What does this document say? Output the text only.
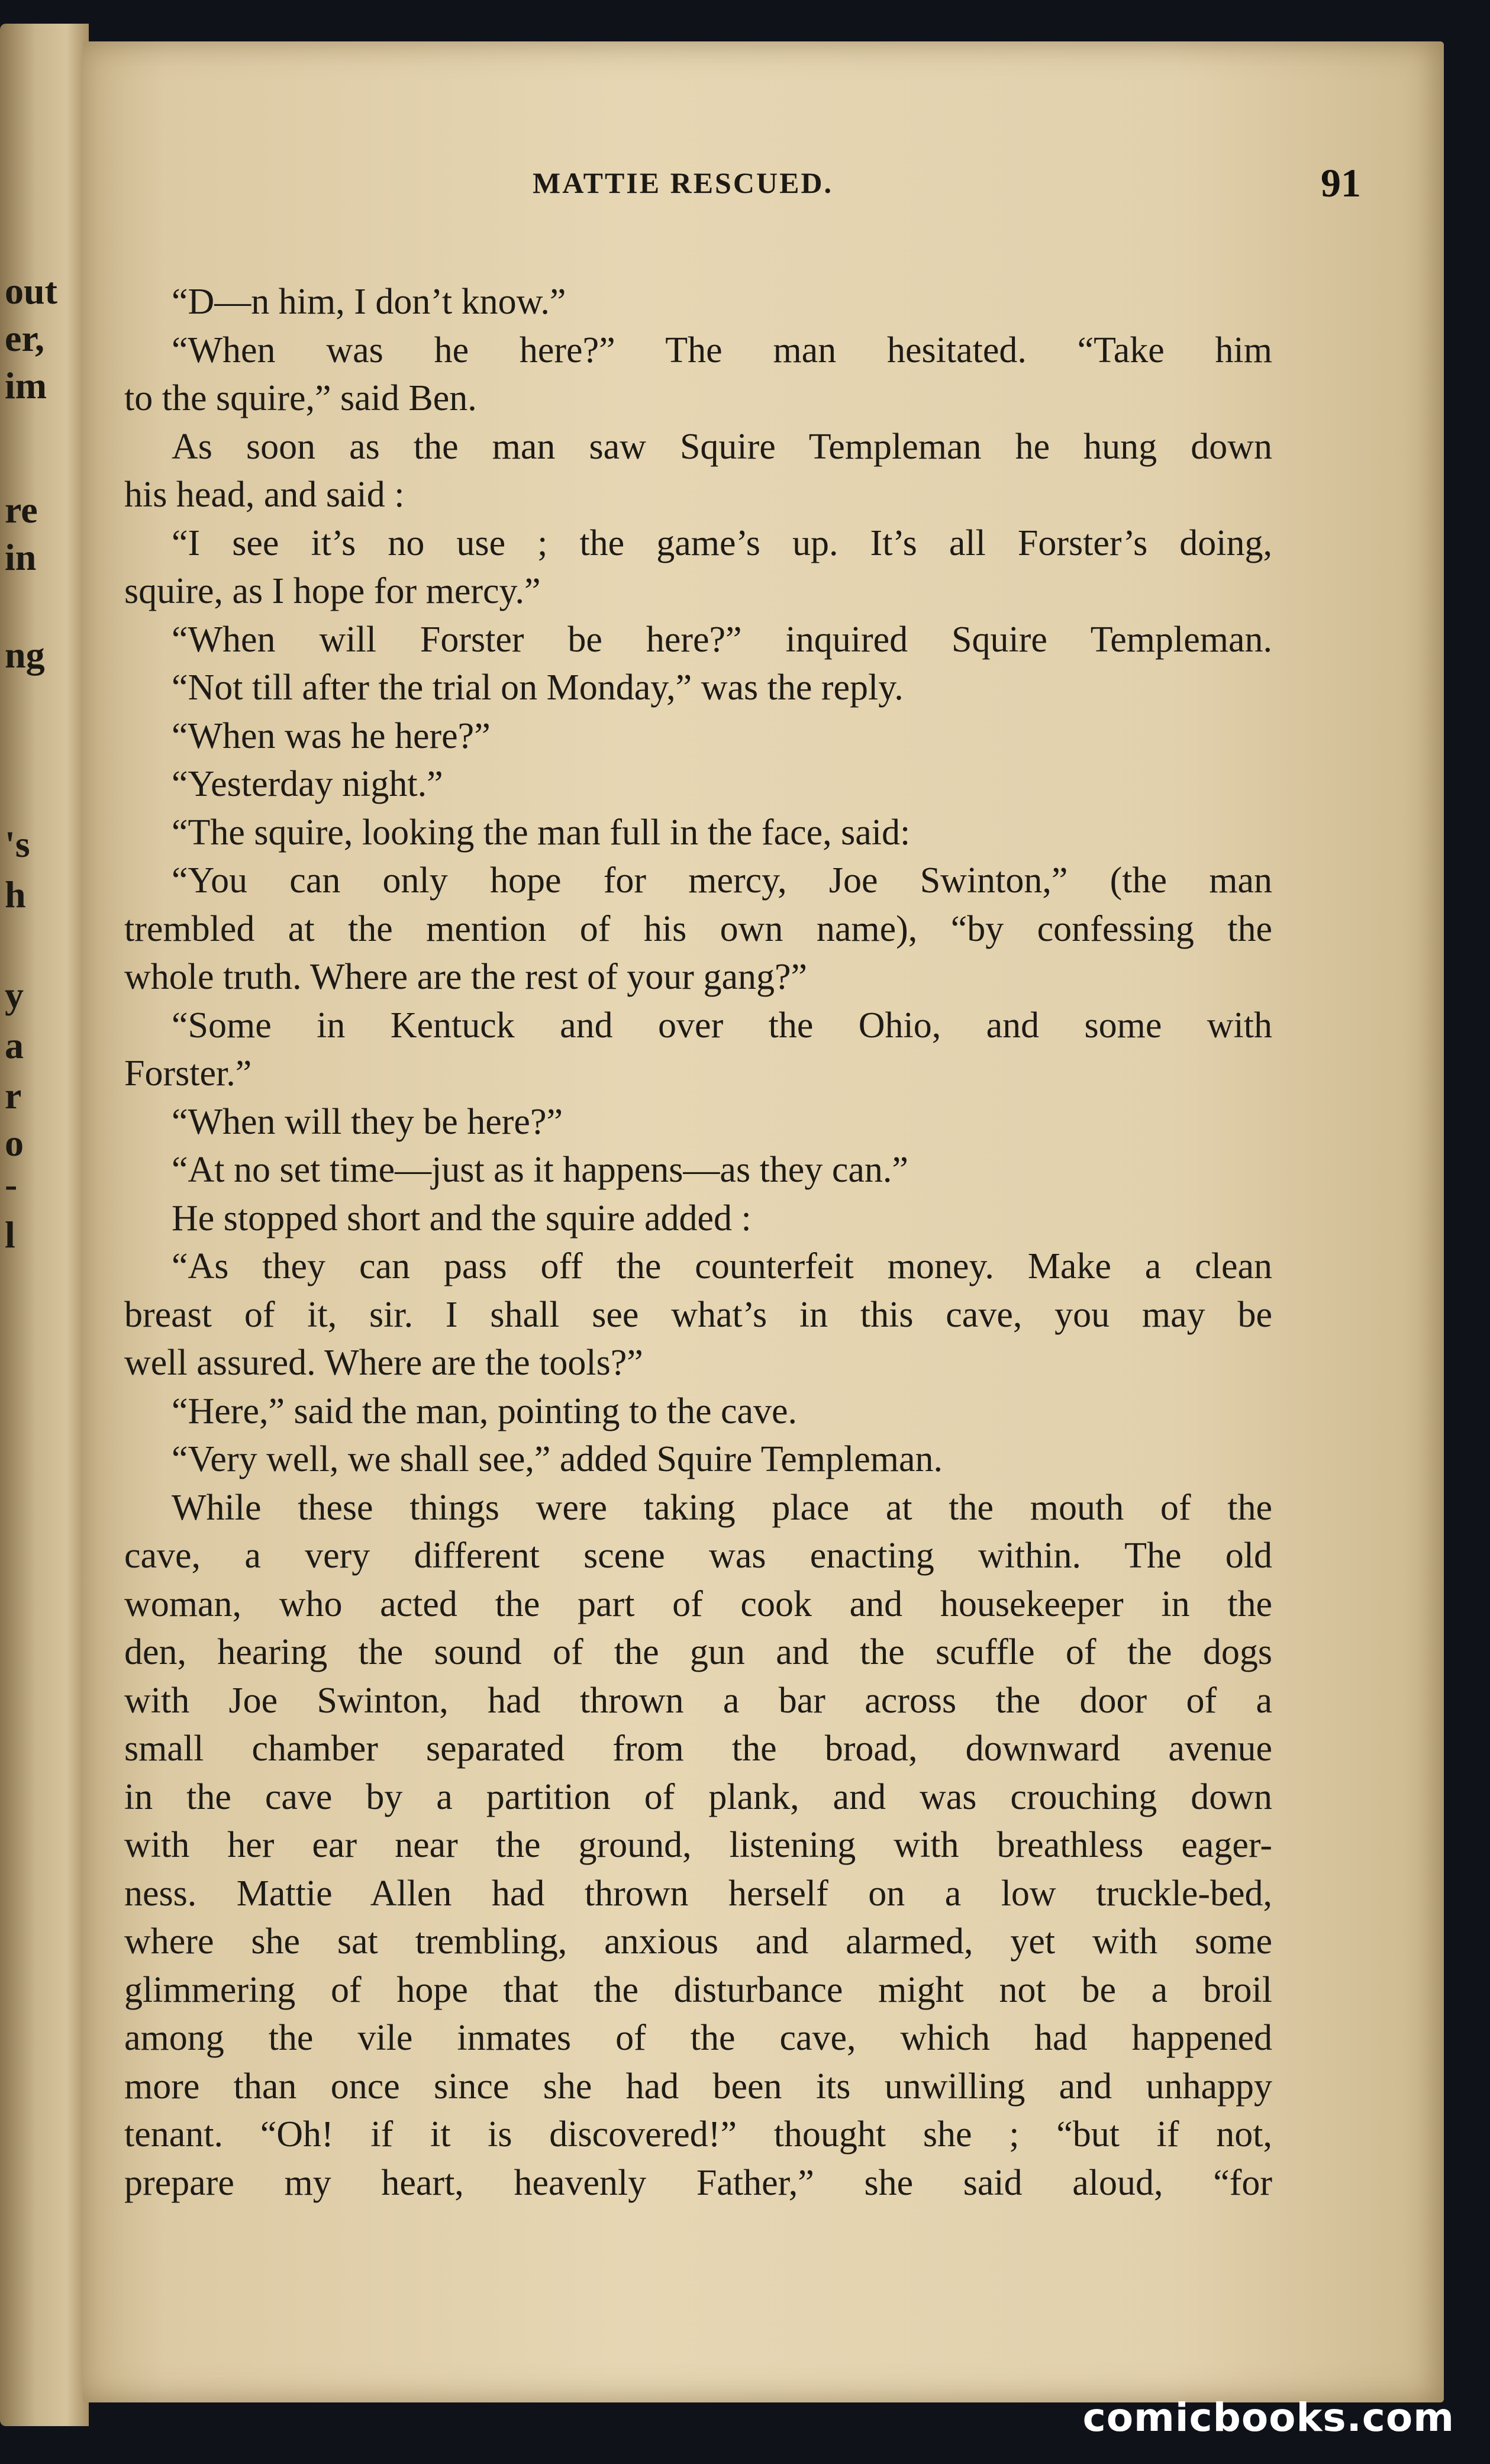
out
er,
im
re
in
ng
's
h
y
a
r
o
-
l
MATTIE RESCUED.	91
“D—n him, I don’t know.”
“When was he here?” The man hesitated. “Take him
to the squire,” said Ben.
As soon as the man saw Squire Templeman he hung down
his head, and said :
“I see it’s no use ; the game’s up. It’s all Forster’s doing,
squire, as I hope for mercy.”
“When will Forster be here?” inquired Squire Templeman.
“Not till after the trial on Monday,” was the reply.
“When was he here?”
“Yesterday night.”
“The squire, looking the man full in the face, said:
“You can only hope for mercy, Joe Swinton,” (the man
trembled at the mention of his own name), “by confessing the
whole truth. Where are the rest of your gang?”
“Some in Kentuck and over the Ohio, and some with
Forster.”
“When will they be here?”
“At no set time—just as it happens—as they can.”
He stopped short and the squire added :
“As they can pass off the counterfeit money. Make a clean
breast of it, sir. I shall see what’s in this cave, you may be
well assured. Where are the tools?”
“Here,” said the man, pointing to the cave.
“Very well, we shall see,” added Squire Templeman.
While these things were taking place at the mouth of the
cave, a very different scene was enacting within. The old
woman, who acted the part of cook and housekeeper in the
den, hearing the sound of the gun and the scuffle of the dogs
with Joe Swinton, had thrown a bar across the door of a
small chamber separated from the broad, downward avenue
in the cave by a partition of plank, and was crouching down
with her ear near the ground, listening with breathless eager-
ness. Mattie Allen had thrown herself on a low truckle-bed,
where she sat trembling, anxious and alarmed, yet with some
glimmering of hope that the disturbance might not be a broil
among the vile inmates of the cave, which had happened
more than once since she had been its unwilling and unhappy
tenant. “Oh! if it is discovered!” thought she ; “but if not,
prepare my heart, heavenly Father,” she said aloud, “for
comicbooks.com
